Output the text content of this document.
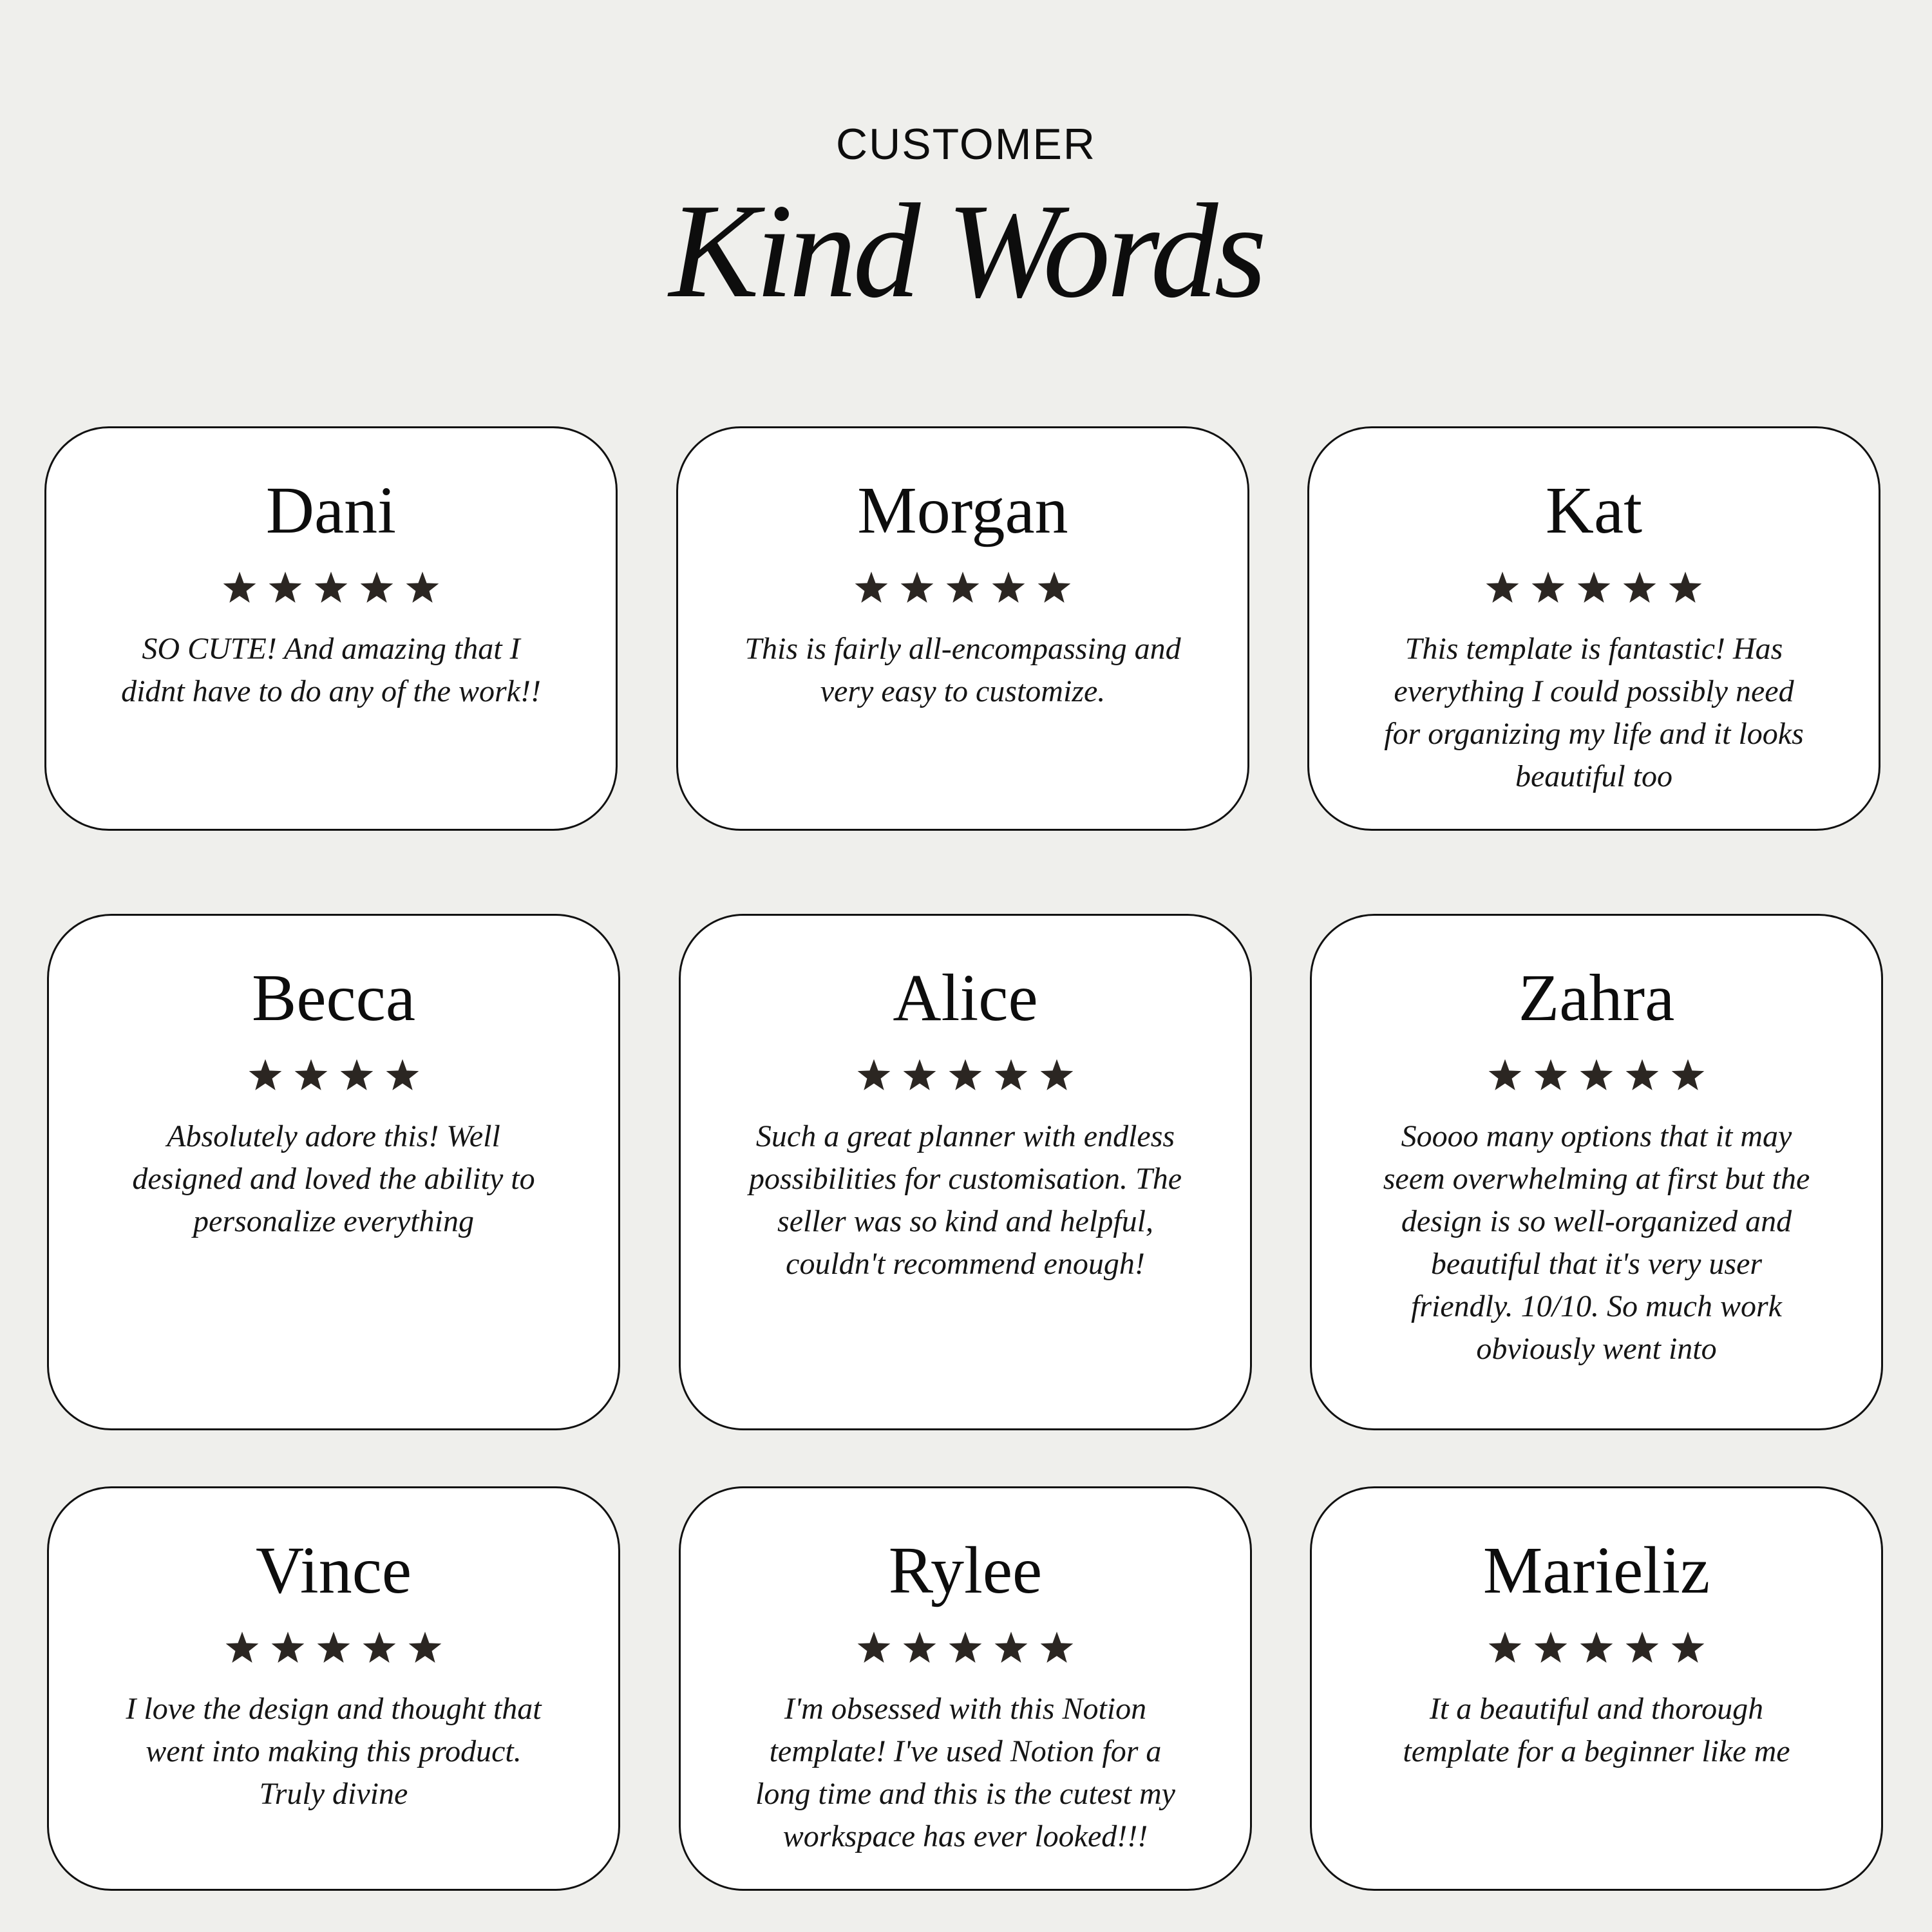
CUSTOMER
Kind Words
Dani
SO CUTE! And amazing that I didnt have to do any of the work!!
Morgan
This is fairly all-encompassing and very easy to customize.
Kat
This template is fantastic! Has everything I could possibly need for organizing my life and it looks beautiful too
Becca
Absolutely adore this! Well designed and loved the ability to personalize everything
Alice
Such a great planner with endless possibilities for customisation. The seller was so kind and helpful, couldn't recommend enough!
Zahra
Soooo many options that it may seem overwhelming at first but the design is so well-organized and beautiful that it's very user friendly. 10/10. So much work obviously went into
Vince
I love the design and thought that went into making this product. Truly divine
Rylee
I'm obsessed with this Notion template! I've used Notion for a long time and this is the cutest my workspace has ever looked!!!
Marieliz
It a beautiful and thorough template for a beginner like me
